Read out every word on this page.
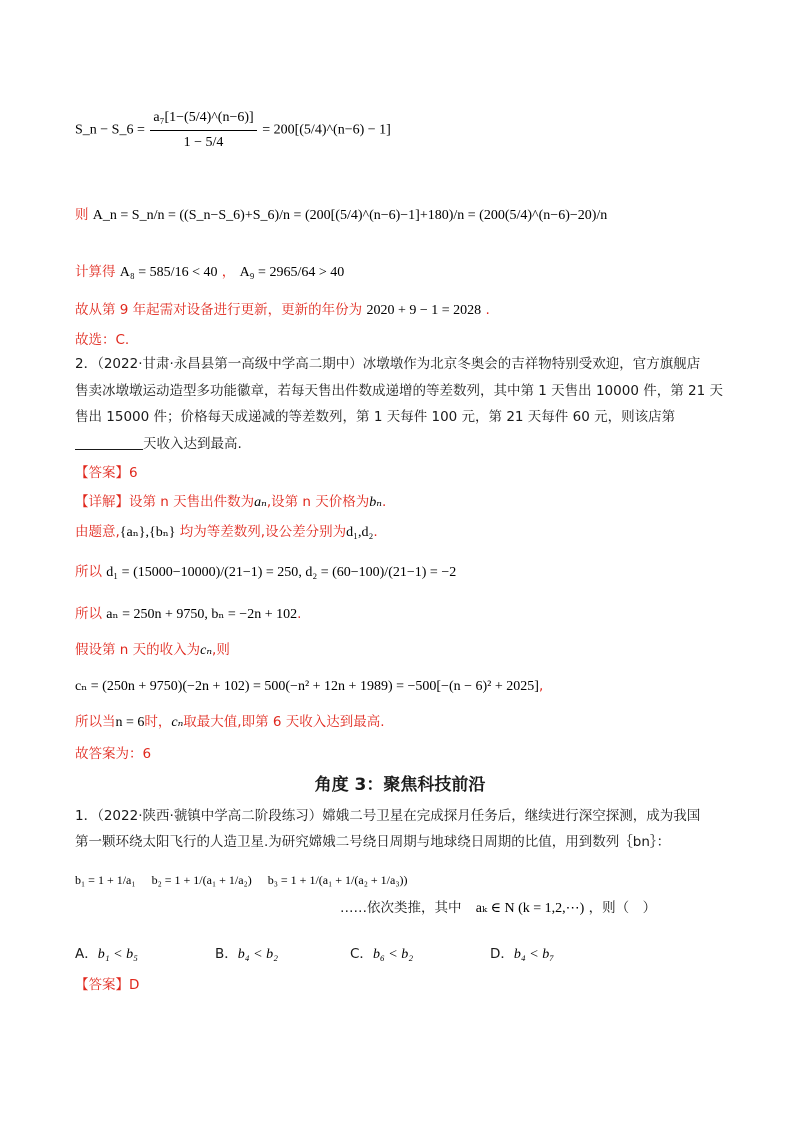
S_n − S_6 = $\frac{\text{a₇[1−(5/4)\textasciicircum{}(n−6)]}}{1 - 5/4}$ = 200[(5/4)^(n−6) − 1]
则 A_n = S_n/n = ((S_n−S_6)+S_6)/n = (200[(5/4)^(n−6)−1]+180)/n = (200(5/4)^(n−6)−20)/n
计算得 A₈ = 585/16 < 40 ， A₉ = 2965/64 > 40
故从第 9 年起需对设备进行更新，更新的年份为 2020 + 9 − 1 = 2028 .
故选：C.
2．（2022·甘肃·永昌县第一高级中学高二期中）冰墩墩作为北京冬奥会的吉祥物特别受欢迎，官方旗舰店
售卖冰墩墩运动造型多功能徽章，若每天售出件数成递增的等差数列，其中第 1 天售出 10000 件，第 21 天
售出 15000 件；价格每天成递减的等差数列，第 1 天每件 100 元，第 21 天每件 60 元，则该店第
天收入达到最高.
【答案】6
【详解】设第 n 天售出件数为aₙ,设第 n 天价格为bₙ.
由题意,{aₙ},{bₙ} 均为等差数列,设公差分别为d₁,d₂.
所以 d₁ = (15000−10000)/(21−1) = 250, d₂ = (60−100)/(21−1) = −2
所以 aₙ = 250n + 9750, bₙ = −2n + 102.
假设第 n 天的收入为cₙ,则
cₙ = (250n + 9750)(−2n + 102) = 500(−n² + 12n + 1989) = −500[−(n − 6)² + 2025],
所以当n = 6时，cₙ取最大值,即第 6 天收入达到最高.
故答案为：6
角度 3：聚焦科技前沿
1．（2022·陕西·虢镇中学高二阶段练习）嫦娥二号卫星在完成探月任务后，继续进行深空探测，成为我国
第一颗环绕太阳飞行的人造卫星.为研究嫦娥二号绕日周期与地球绕日周期的比值，用到数列｛bn｝：
b₁ = 1 + 1/a₁ b₂ = 1 + 1/(a₁ + 1/a₂) b₃ = 1 + 1/(a₁ + 1/(a₂ + 1/a₃))
……依次类推，其中 aₖ ∈ N (k = 1,2,⋯) ，则（　）
A．b₁ < b₅	B．b₄ < b₂	C．b₆ < b₂	D．b₄ < b₇
【答案】D
